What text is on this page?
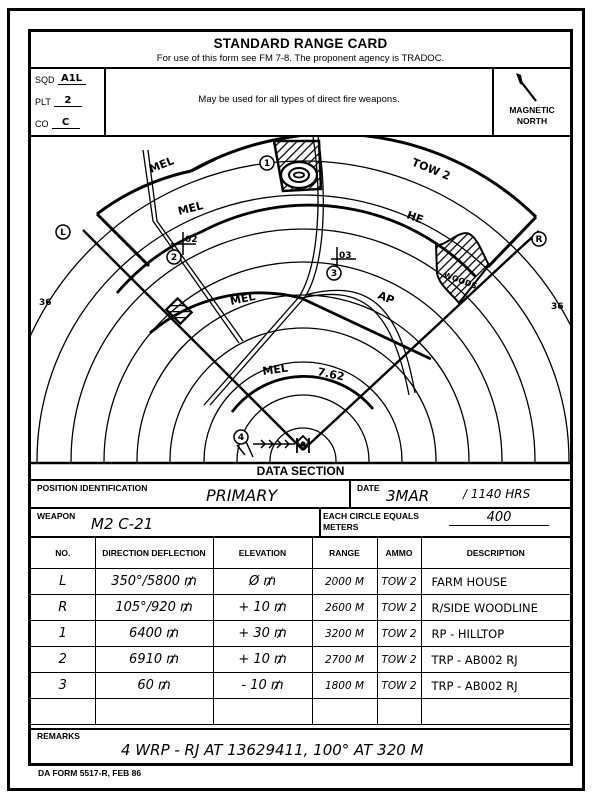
STANDARD RANGE CARD
For use of this form see FM 7-8. The proponent agency is TRADOC.
SQD A1L
PLT	2
CO	C
May be used for all types of direct fire weapons.
MAGNETIC
NORTH
1
2
3
4
L
R
02
03
36	36
MEL
MEL
MEL
MEL
TOW 2
HE
AP
7.62
WOODS
DATA SECTION
POSITION IDENTIFICATION	PRIMARY	DATE 3MAR	/ 1140 HRS
WEAPON M2 C-21	EACH CIRCLE EQUALS
METERS
400
NO.	DIRECTION DEFLECTION	ELEVATION	RANGE	AMMO	DESCRIPTION
L	350°/5800 ₥	Ø ₥	2000 M	TOW 2	FARM HOUSE
R	105°/920 ₥	+ 10 ₥	2600 M	TOW 2	R/SIDE WOODLINE
1	6400 ₥	+ 30 ₥	3200 M	TOW 2	RP - HILLTOP
2	6910 ₥	+ 10 ₥	2700 M	TOW 2	TRP - AB002 RJ
3	60 ₥	- 10 ₥	1800 M	TOW 2	TRP - AB002 RJ

REMARKS
4 WRP - RJ AT 13629411, 100° AT 320 M
DA FORM 5517-R, FEB 86
